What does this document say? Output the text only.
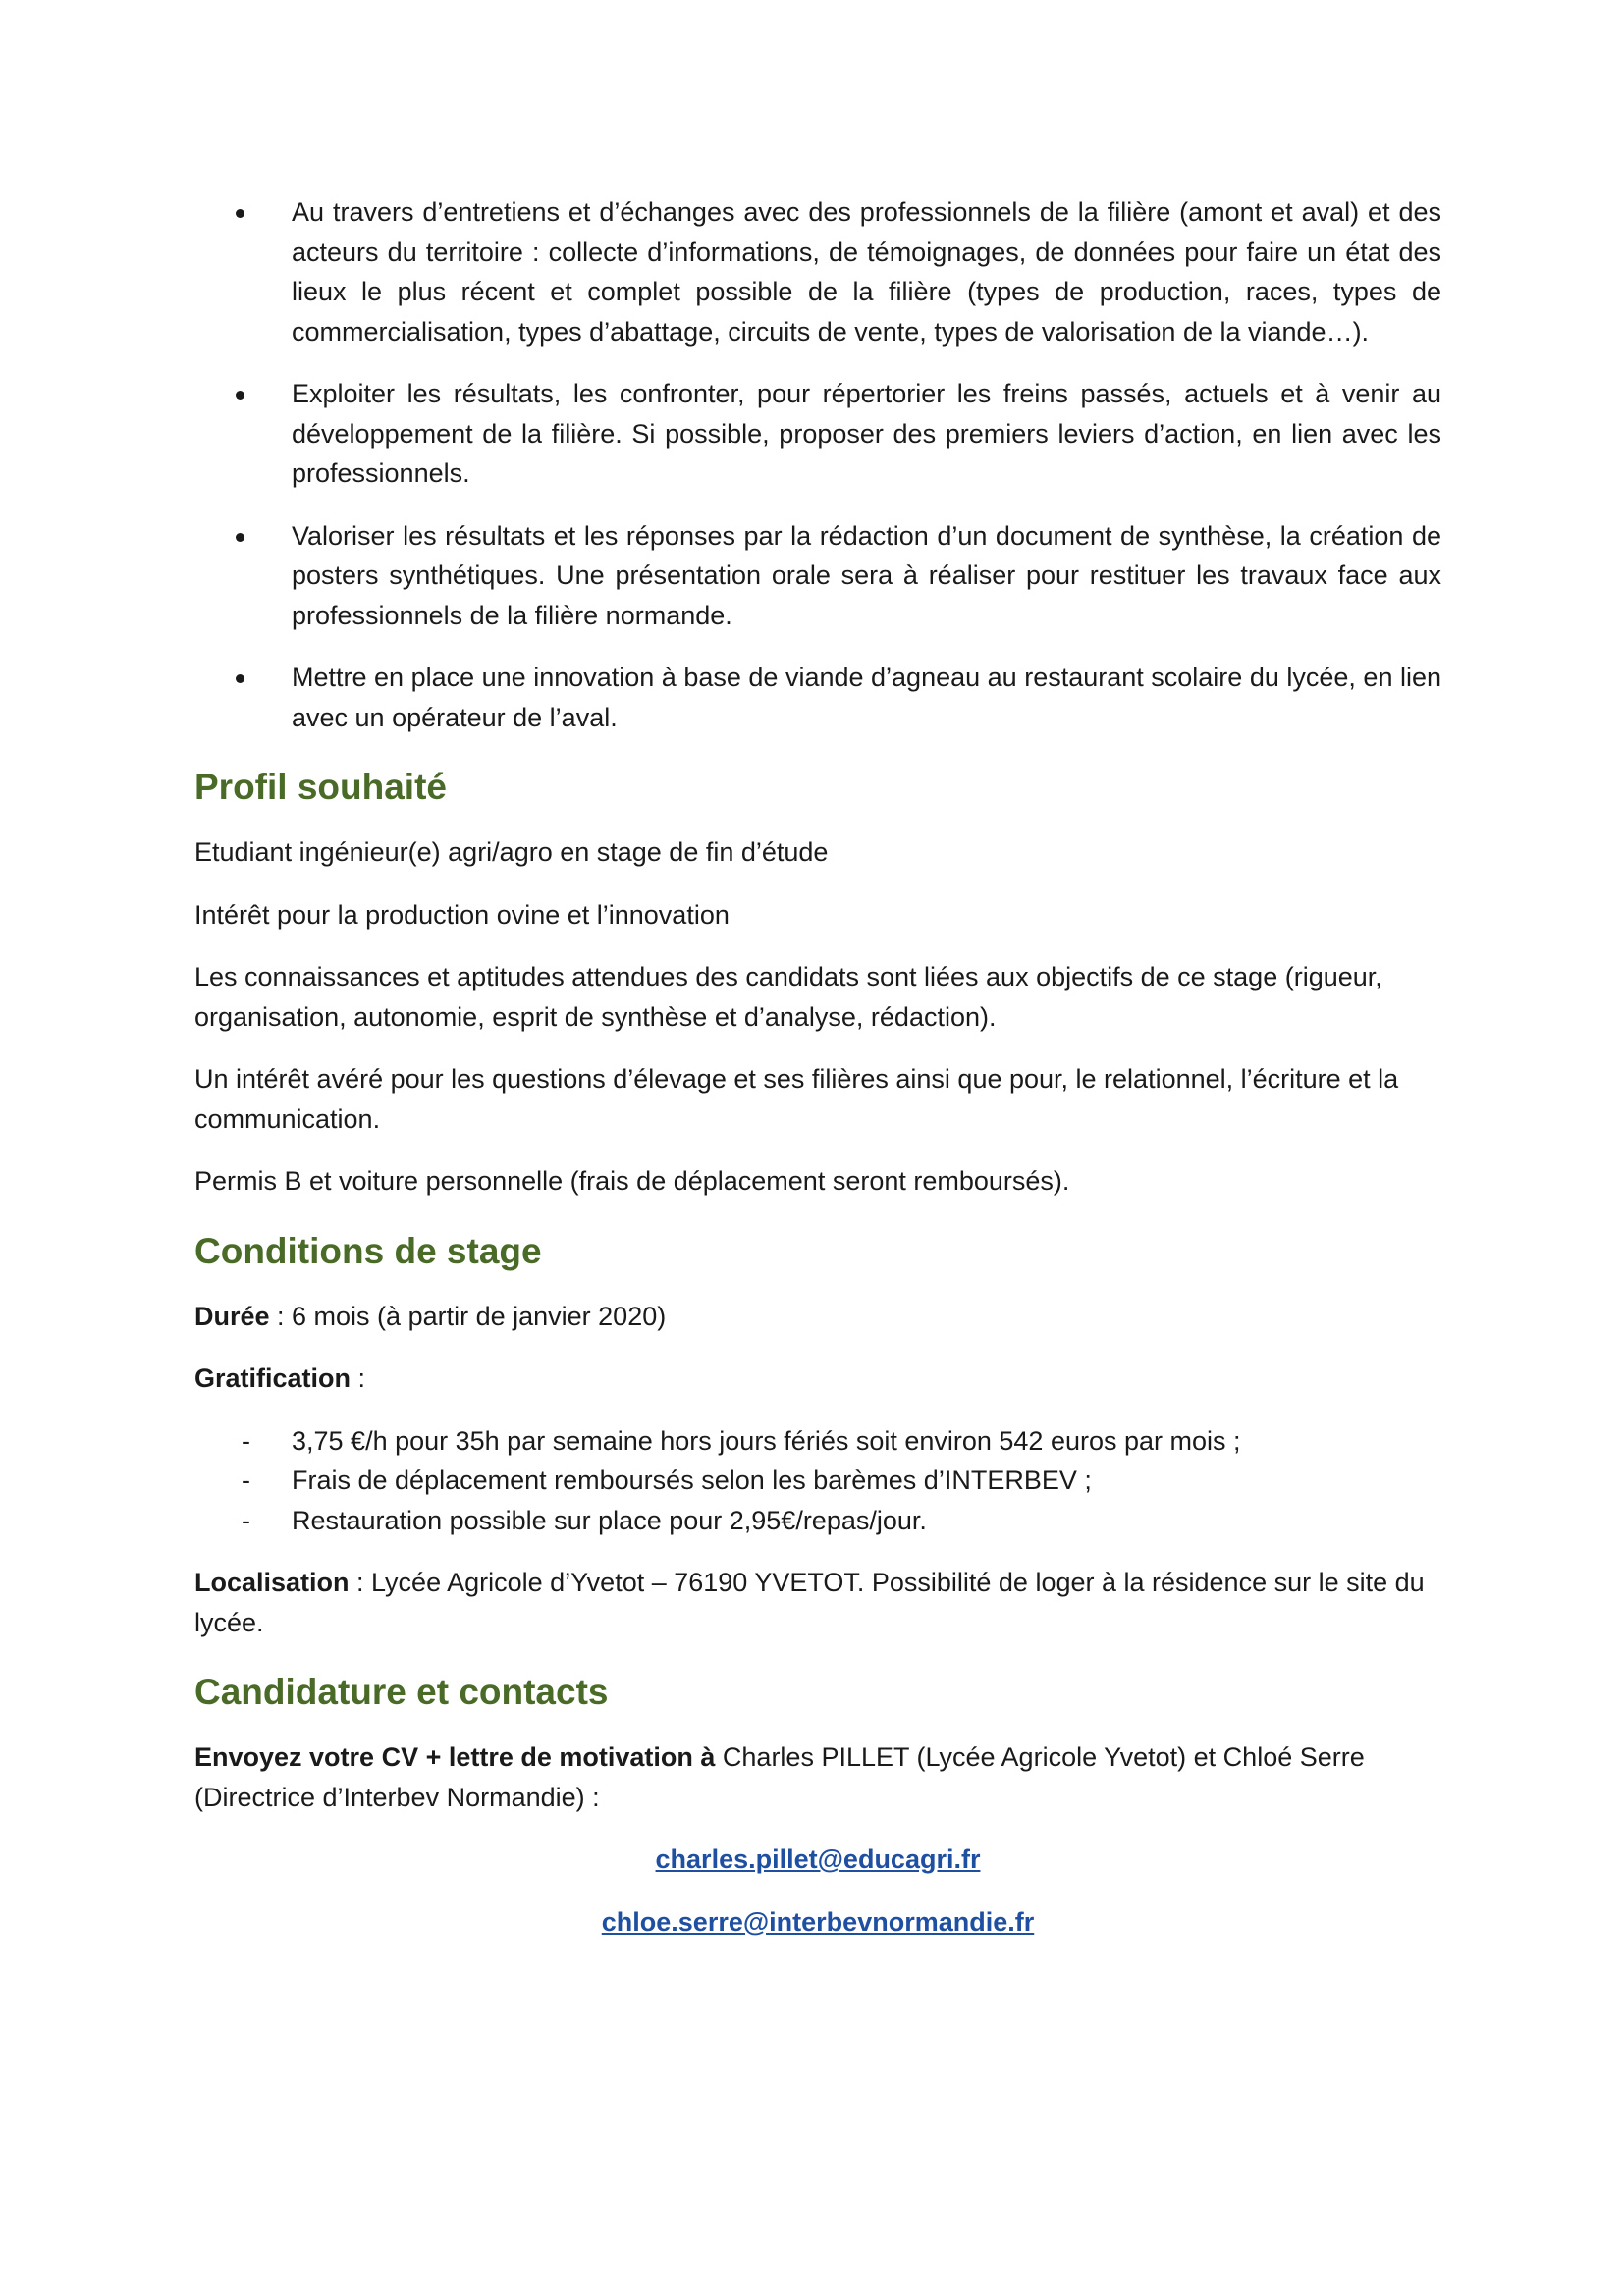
Au travers d’entretiens et d’échanges avec des professionnels de la filière (amont et aval) et des acteurs du territoire : collecte d’informations, de témoignages, de données pour faire un état des lieux le plus récent et complet possible de la filière (types de production, races, types de commercialisation, types d’abattage, circuits de vente, types de valorisation de la viande…).
Exploiter les résultats, les confronter, pour répertorier les freins passés, actuels et à venir au développement de la filière. Si possible, proposer des premiers leviers d’action, en lien avec les professionnels.
Valoriser les résultats et les réponses par la rédaction d’un document de synthèse, la création de posters synthétiques. Une présentation orale sera à réaliser pour restituer les travaux face aux professionnels de la filière normande.
Mettre en place une innovation à base de viande d’agneau au restaurant scolaire du lycée, en lien avec un opérateur de l’aval.
Profil souhaité

Etudiant ingénieur(e) agri/agro en stage de fin d’étude

Intérêt pour la production ovine et l’innovation

Les connaissances et aptitudes attendues des candidats sont liées aux objectifs de ce stage (rigueur, organisation, autonomie, esprit de synthèse et d’analyse, rédaction).

Un intérêt avéré pour les questions d’élevage et ses filières ainsi que pour, le relationnel, l’écriture et la communication.

Permis B et voiture personnelle (frais de déplacement seront remboursés).

Conditions de stage

Durée : 6 mois (à partir de janvier 2020)

Gratification :

- 3,75 €/h pour 35h par semaine hors jours fériés soit environ 542 euros par mois ;
- Frais de déplacement remboursés selon les barèmes d’INTERBEV ;
- Restauration possible sur place pour 2,95€/repas/jour.

Localisation : Lycée Agricole d’Yvetot – 76190 YVETOT. Possibilité de loger à la résidence sur le site du lycée.

Candidature et contacts

Envoyez votre CV + lettre de motivation à Charles PILLET (Lycée Agricole Yvetot) et Chloé Serre (Directrice d’Interbev Normandie) :

charles.pillet@educagri.fr

chloe.serre@interbevnormandie.fr
